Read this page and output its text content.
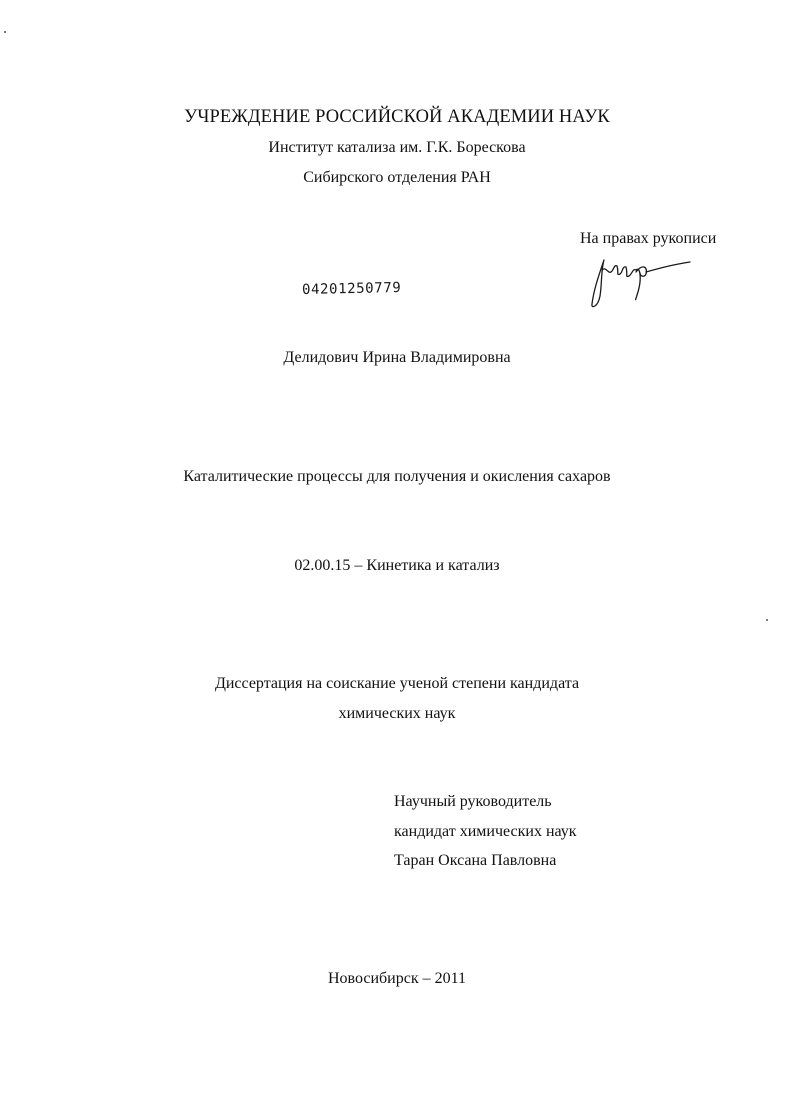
УЧРЕЖДЕНИЕ РОССИЙСКОЙ АКАДЕМИИ НАУК
Институт катализа им. Г.К. Борескова
Сибирского отделения РАН
На правах рукописи
04201250779
Делидович Ирина Владимировна
Каталитические процессы для получения и окисления сахаров
02.00.15 – Кинетика и катализ
Диссертация на соискание ученой степени кандидата
химических наук
Научный руководитель
кандидат химических наук
Таран Оксана Павловна
Новосибирск – 2011
